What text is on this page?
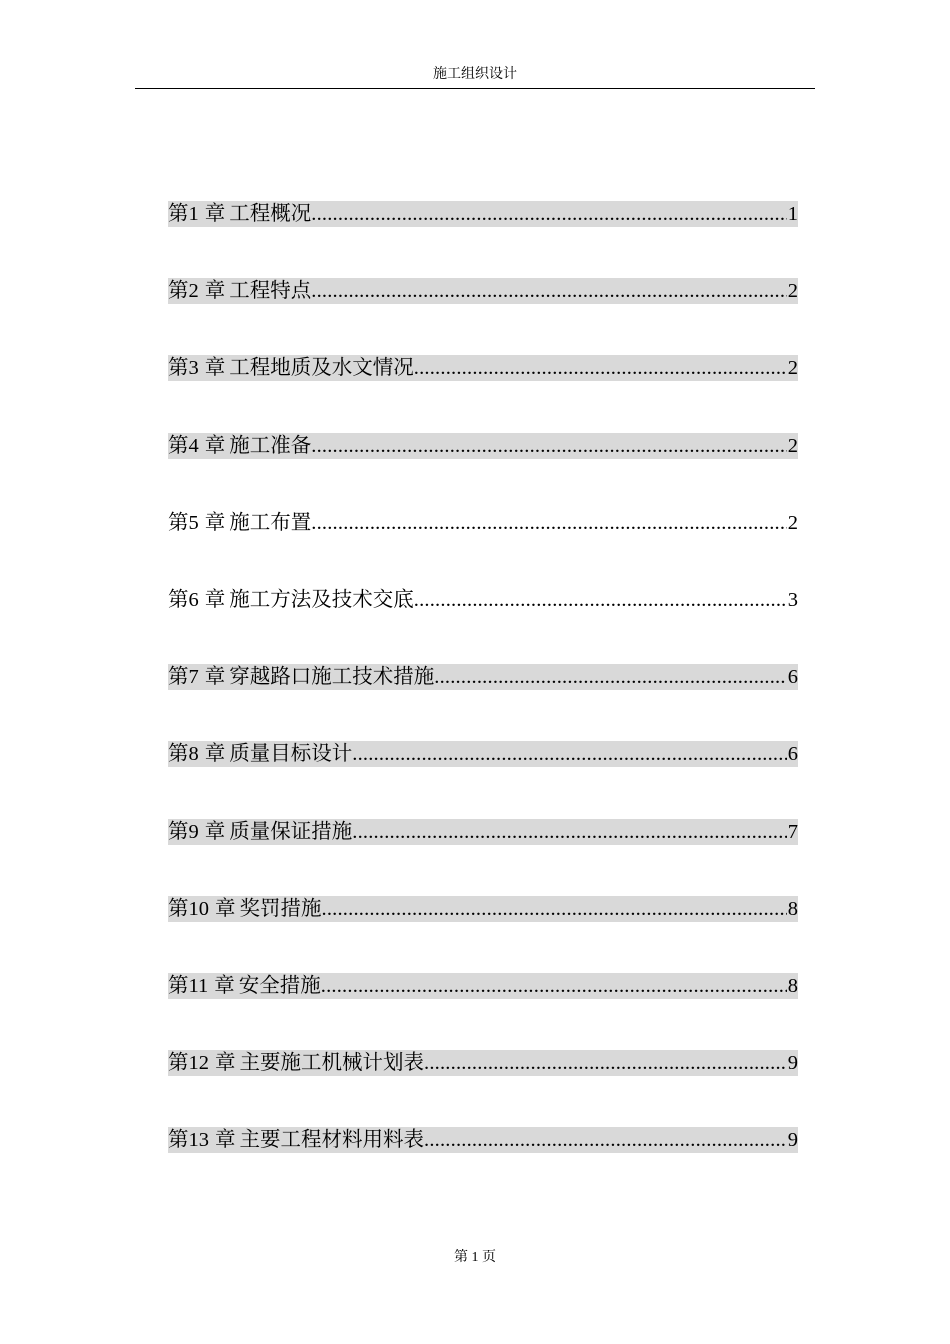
施工组织设计
第 1 章 工程概况 .....	1
第 2 章 工程特点 .....	2
第 3 章 工程地质及水文情况 .....	2
第 4 章 施工准备 .....	2
第 5 章 施工布置 .....	2
第 6 章 施工方法及技术交底 .....	3
第 7 章 穿越路口施工技术措施 .....	6
第 8 章 质量目标设计 .....	6
第 9 章 质量保证措施 .....	7
第 10 章 奖罚措施 .....	8
第 11 章 安全措施 .....	8
第 12 章 主要施工机械计划表 .....	9
第 13 章 主要工程材料用料表 .....	9
第 1 页
